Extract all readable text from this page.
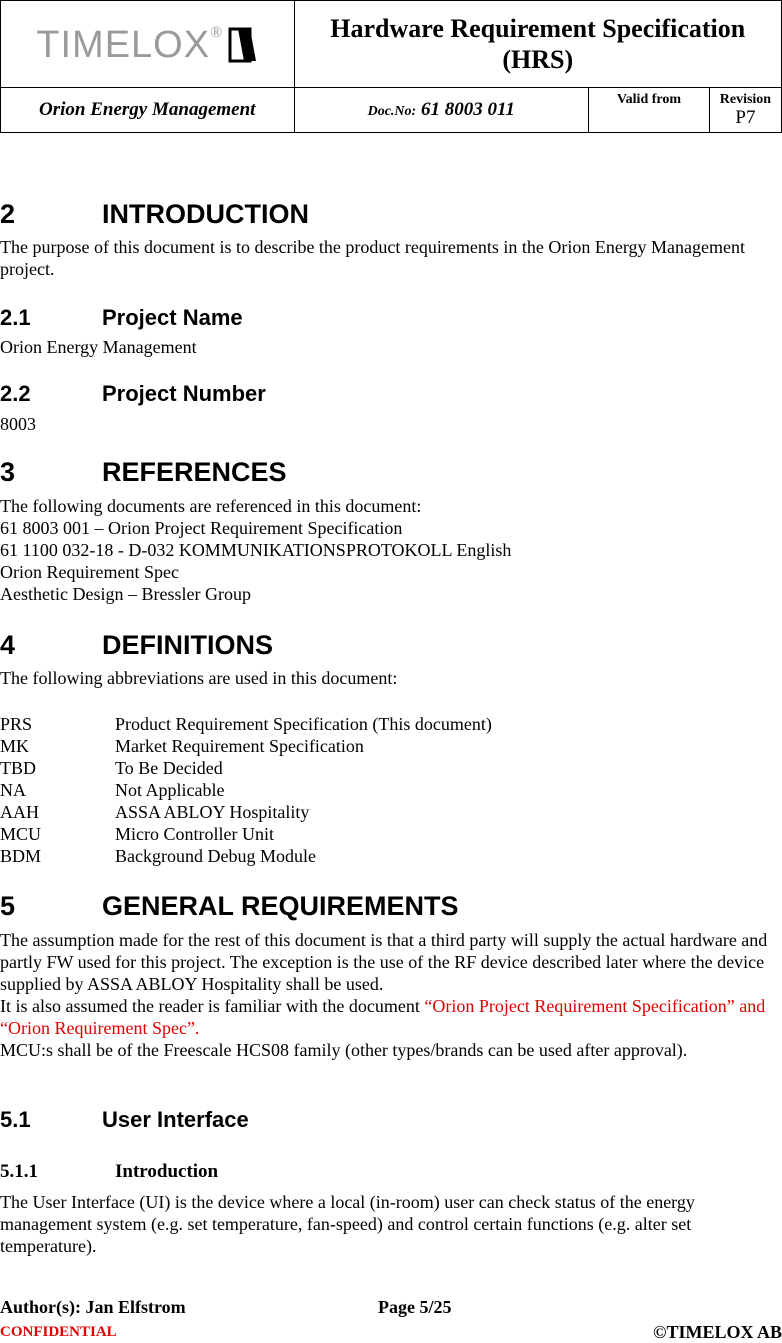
TIMELOX ®	Hardware Requirement Specification (HRS)		
Orion Energy Management	Doc.No: 61 8003 011	Valid from	Revision
P7
2	INTRODUCTION
The purpose of this document is to describe the product requirements in the Orion Energy Management project.
2.1	Project Name
Orion Energy Management
2.2	Project Number
8003
3	REFERENCES
The following documents are referenced in this document:
61 8003 001 – Orion Project Requirement Specification
61 1100 032-18 - D-032 KOMMUNIKATIONSPROTOKOLL English
Orion Requirement Spec
Aesthetic Design – Bressler Group
4	DEFINITIONS
The following abbreviations are used in this document:
PRS	Product Requirement Specification (This document)
MK	Market Requirement Specification
TBD	To Be Decided
NA	Not Applicable
AAH	ASSA ABLOY Hospitality
MCU	Micro Controller Unit
BDM	Background Debug Module
5	GENERAL REQUIREMENTS
The assumption made for the rest of this document is that a third party will supply the actual hardware and partly FW used for this project. The exception is the use of the RF device described later where the device supplied by ASSA ABLOY Hospitality shall be used.
It is also assumed the reader is familiar with the document “Orion Project Requirement Specification” and “Orion Requirement Spec”.
MCU:s shall be of the Freescale HCS08 family (other types/brands can be used after approval).
5.1	User Interface
5.1.1	Introduction
The User Interface (UI) is the device where a local (in-room) user can check status of the energy management system (e.g. set temperature, fan-speed) and control certain functions (e.g. alter set temperature).
Author(s): Jan Elfstrom	Page 5/25
CONFIDENTIAL	©TIMELOX AB
